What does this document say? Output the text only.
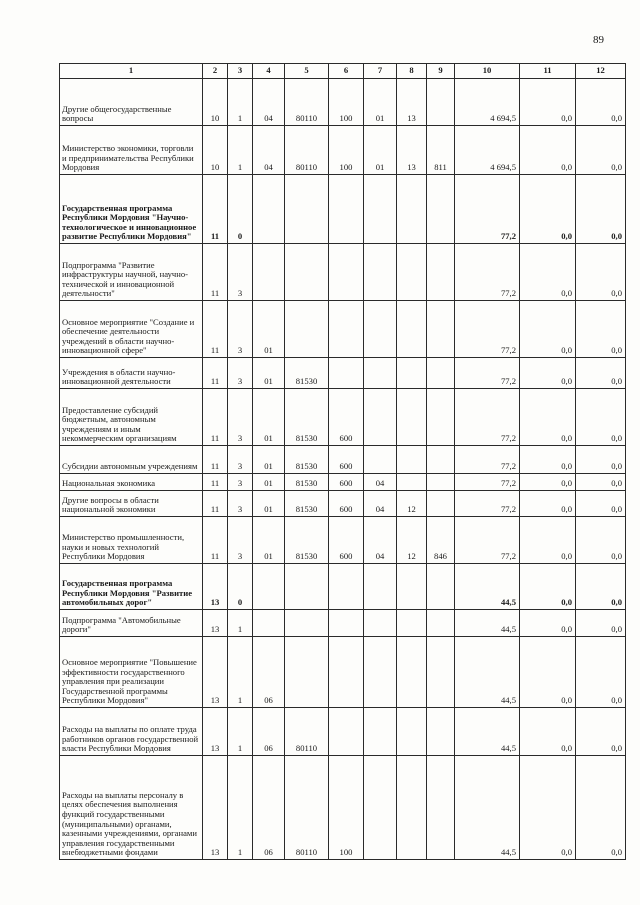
89
1	2	3	4	5	6	7	8	9	10	11	12
Другие общегосударственные вопросы	10	1	04	80110	100	01	13		4 694,5	0,0	0,0
Министерство экономики, торговли и предпринимательства Республики Мордовия	10	1	04	80110	100	01	13	811	4 694,5	0,0	0,0
Государственная программа Республики Мордовия "Научно-технологическое и инновационное развитие Республики Мордовия"	11	0							77,2	0,0	0,0
Подпрограмма "Развитие инфраструктуры научной, научно-технической и инновационной деятельности"	11	3							77,2	0,0	0,0
Основное мероприятие "Создание и обеспечение деятельности учреждений в области научно-инновационной сфере"	11	3	01						77,2	0,0	0,0
Учреждения в области научно-инновационной деятельности	11	3	01	81530					77,2	0,0	0,0
Предоставление субсидий бюджетным, автономным учреждениям и иным некоммерческим организациям	11	3	01	81530	600				77,2	0,0	0,0
Субсидии автономным учреждениям	11	3	01	81530	600				77,2	0,0	0,0
Национальная экономика	11	3	01	81530	600	04			77,2	0,0	0,0
Другие вопросы в области национальной экономики	11	3	01	81530	600	04	12		77,2	0,0	0,0
Министерство промышленности, науки и новых технологий Республики Мордовия	11	3	01	81530	600	04	12	846	77,2	0,0	0,0
Государственная программа Республики Мордовия "Развитие автомобильных дорог"	13	0							44,5	0,0	0,0
Подпрограмма "Автомобильные дороги"	13	1							44,5	0,0	0,0
Основное мероприятие "Повышение эффективности государственного управления при реализации Государственной программы Республики Мордовия"	13	1	06						44,5	0,0	0,0
Расходы на выплаты по оплате труда работников органов государственной власти Республики Мордовия	13	1	06	80110					44,5	0,0	0,0
Расходы на выплаты персоналу в целях обеспечения выполнения функций государственными (муниципальными) органами, казенными учреждениями, органами управления государственными внебюджетными фондами	13	1	06	80110	100				44,5	0,0	0,0
